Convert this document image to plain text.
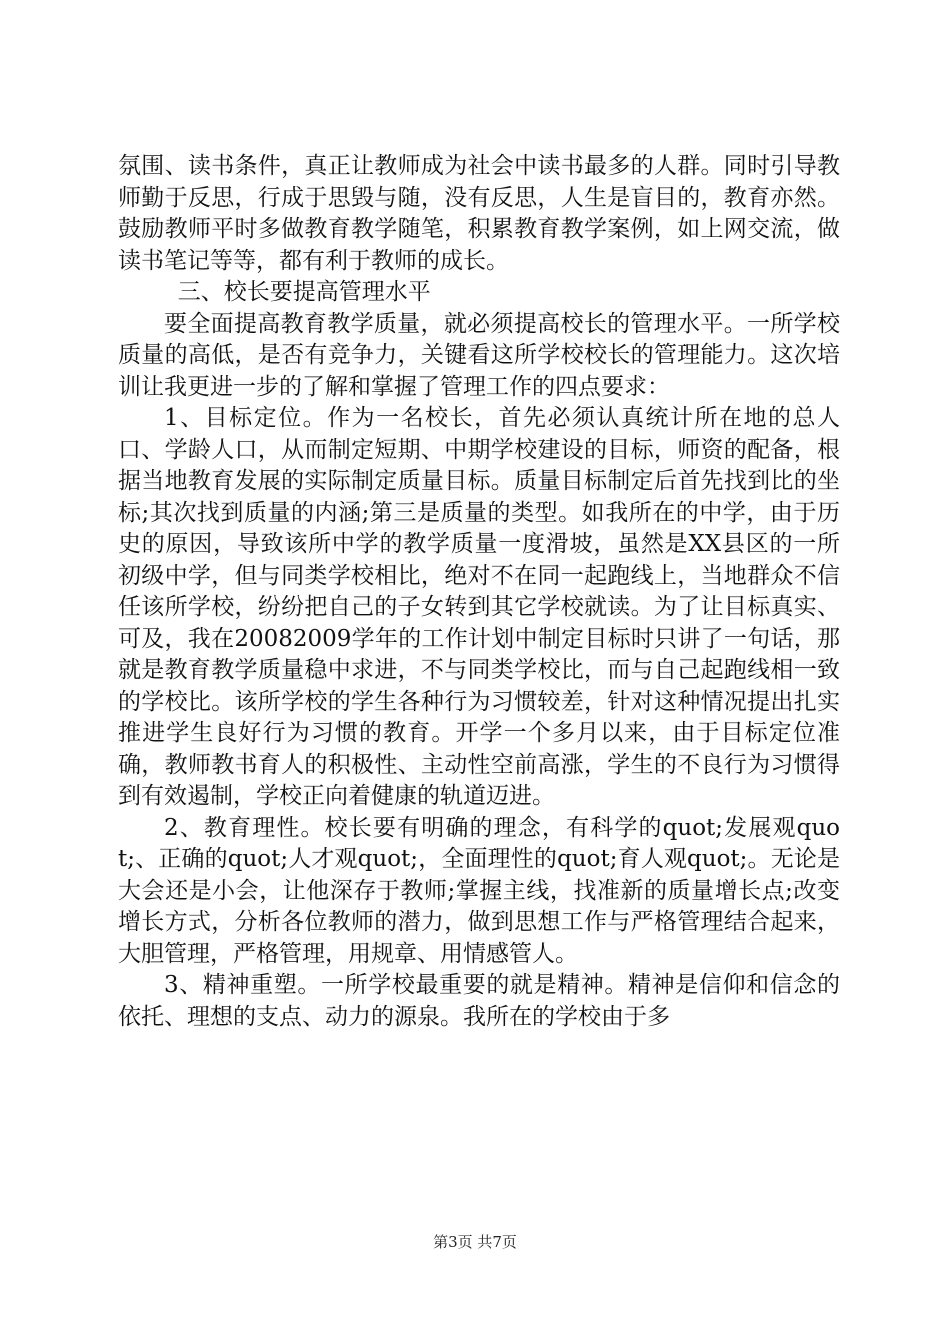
氛围、读书条件，真正让教师成为社会中读书最多的人群。同时引导教师勤于反思，行成于思毁与随，没有反思，人生是盲目的，教育亦然。鼓励教师平时多做教育教学随笔，积累教育教学案例，如上网交流，做读书笔记等等，都有利于教师的成长。

三、校长要提高管理水平

要全面提高教育教学质量，就必须提高校长的管理水平。一所学校质量的高低，是否有竞争力，关键看这所学校校长的管理能力。这次培训让我更进一步的了解和掌握了管理工作的四点要求：

1、目标定位。作为一名校长，首先必须认真统计所在地的总人口、学龄人口，从而制定短期、中期学校建设的目标，师资的配备，根据当地教育发展的实际制定质量目标。质量目标制定后首先找到比的坐标;其次找到质量的内涵;第三是质量的类型。如我所在的中学，由于历史的原因，导致该所中学的教学质量一度滑坡，虽然是XX县区的一所初级中学，但与同类学校相比，绝对不在同一起跑线上，当地群众不信任该所学校，纷纷把自己的子女转到其它学校就读。为了让目标真实、可及，我在20082009学年的工作计划中制定目标时只讲了一句话，那就是教育教学质量稳中求进，不与同类学校比，而与自己起跑线相一致的学校比。该所学校的学生各种行为习惯较差，针对这种情况提出扎实推进学生良好行为习惯的教育。开学一个多月以来，由于目标定位准确，教师教书育人的积极性、主动性空前高涨，学生的不良行为习惯得到有效遏制，学校正向着健康的轨道迈进。

2、教育理性。校长要有明确的理念，有科学的quot;发展观quot;、正确的quot;人才观quot;，全面理性的quot;育人观quot;。无论是大会还是小会，让他深存于教师;掌握主线，找准新的质量增长点;改变增长方式，分析各位教师的潜力，做到思想工作与严格管理结合起来，大胆管理，严格管理，用规章、用情感管人。

3、精神重塑。一所学校最重要的就是精神。精神是信仰和信念的依托、理想的支点、动力的源泉。我所在的学校由于多

第3页 共7页
